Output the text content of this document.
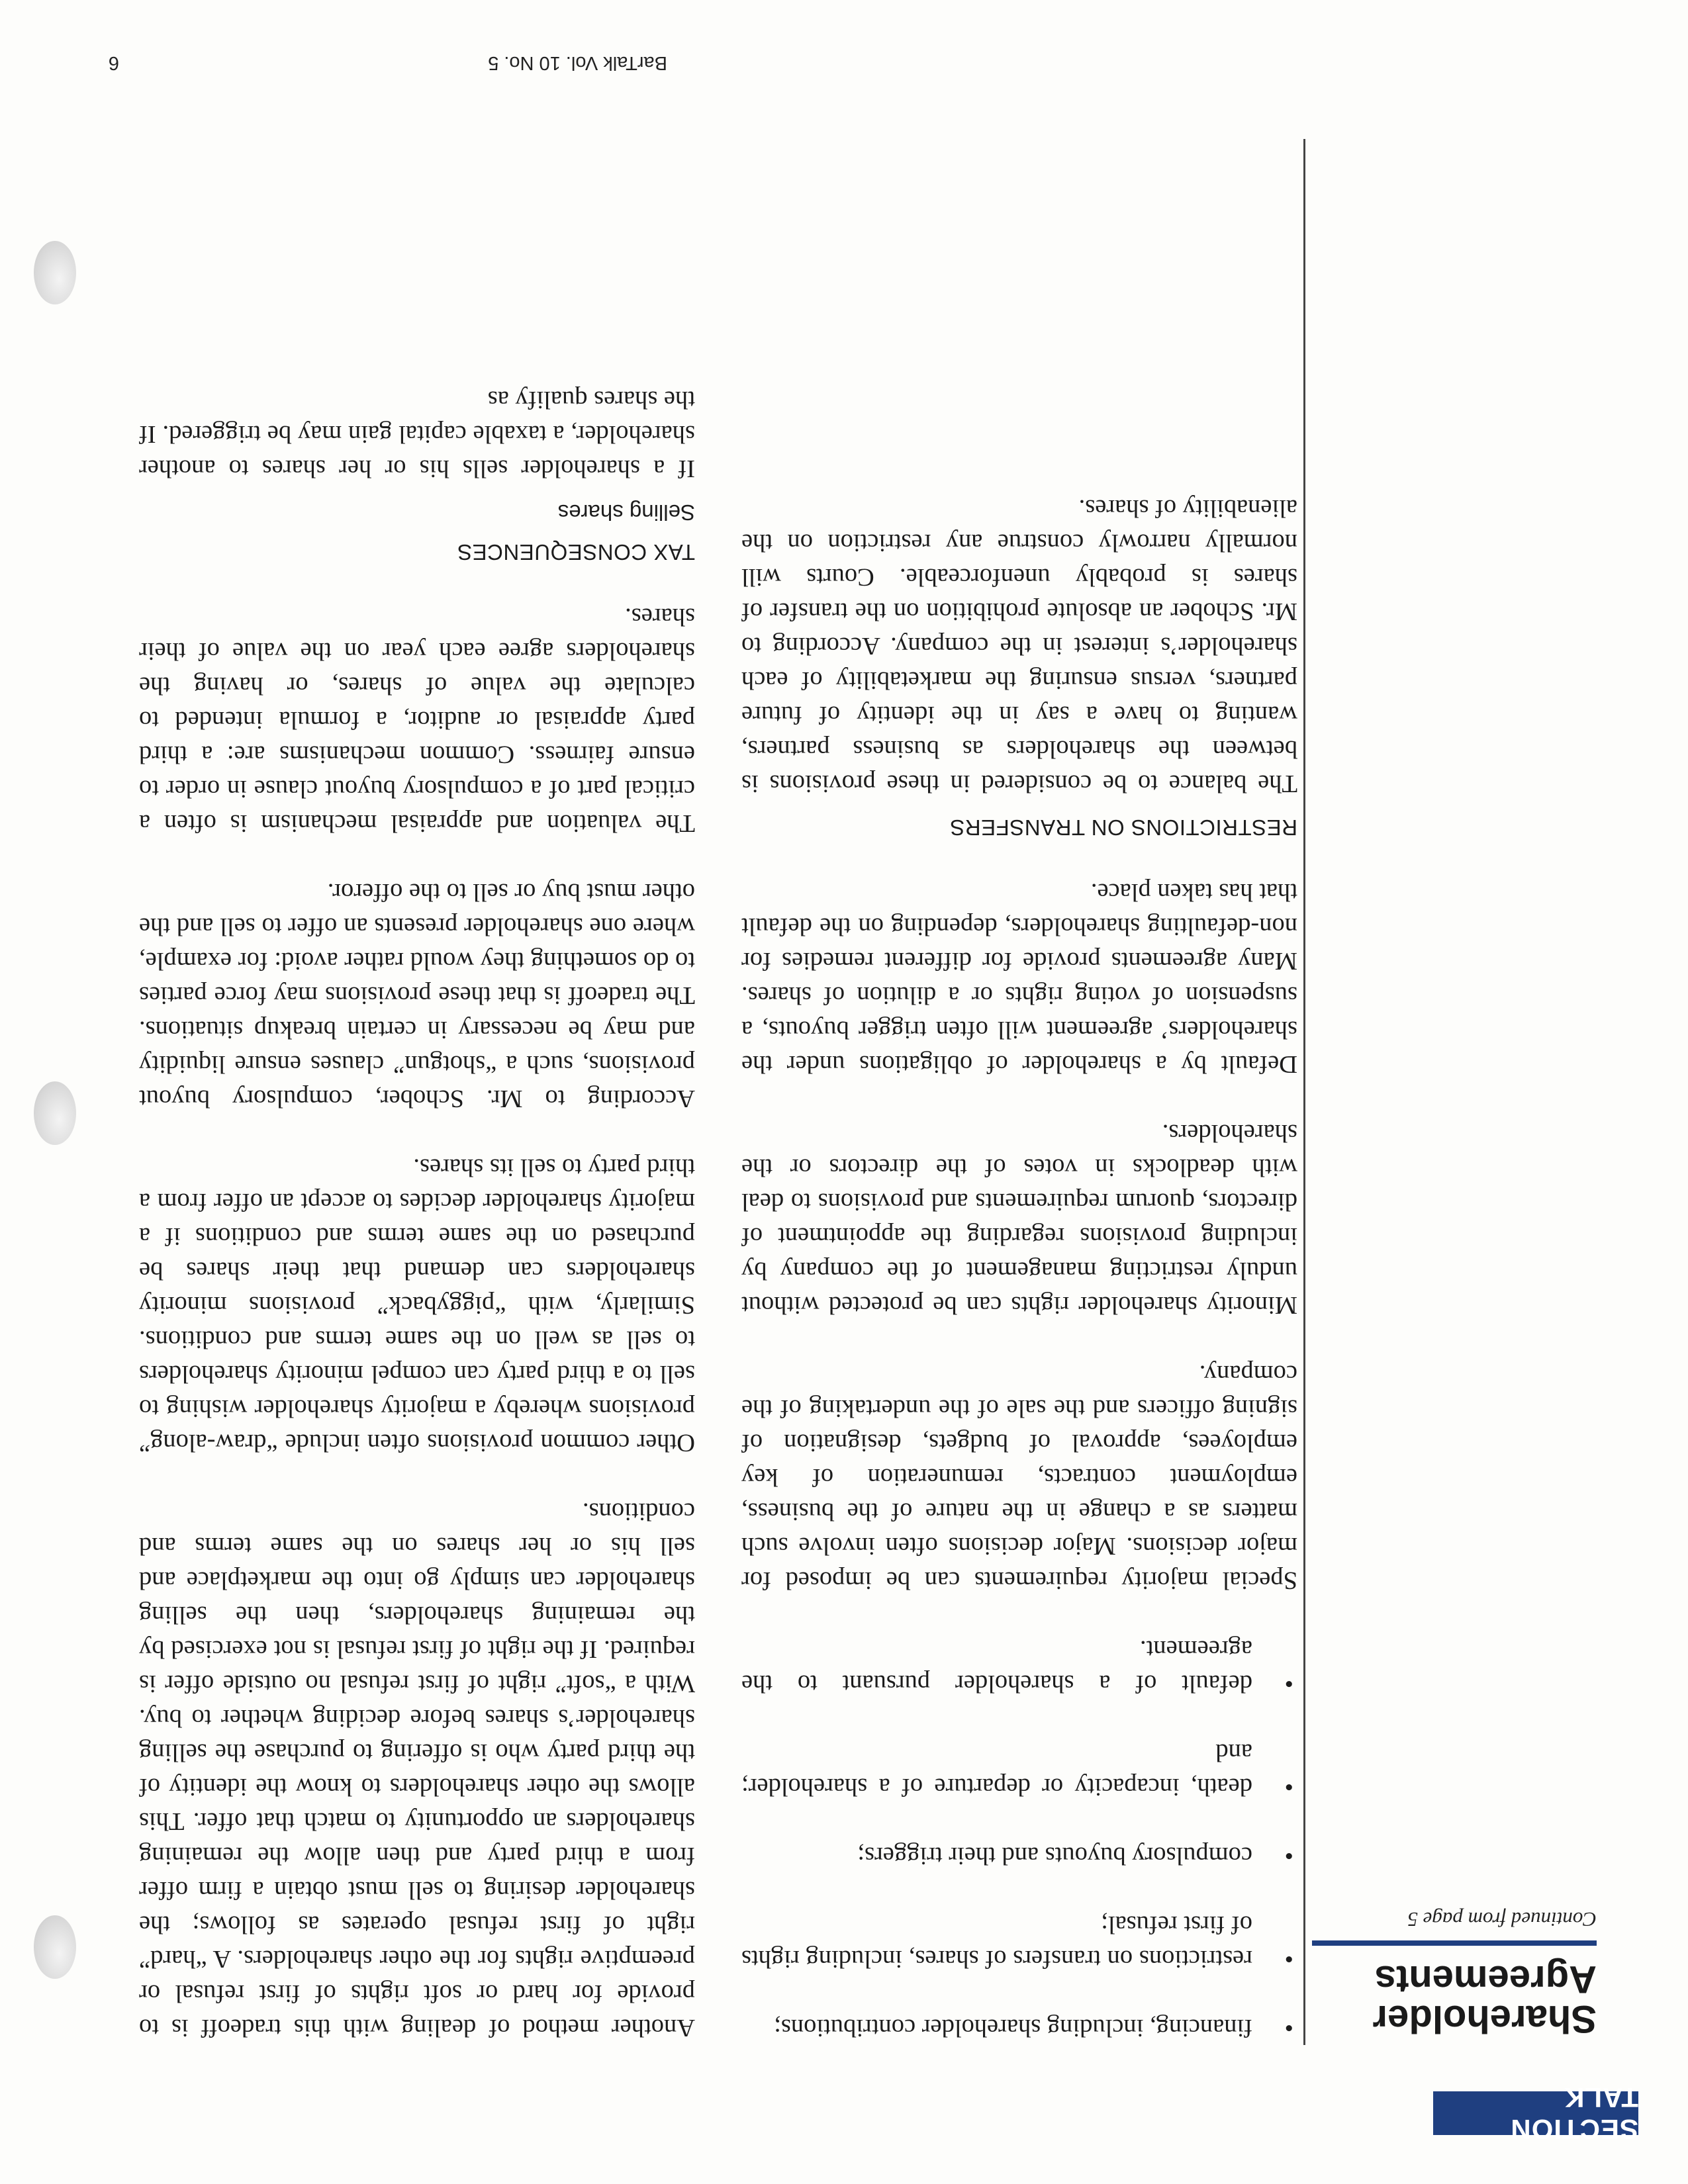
SECTION TALK
Shareholder
Agreements
Continued from page 5
• financing, including shareholder contributions;
• restrictions on transfers of shares, including rights of first refusal;
• compulsory buyouts and their triggers;
• death, incapacity or departure of a shareholder; and
• default of a shareholder pursuant to the agreement.

Special majority requirements can be imposed for major decisions. Major decisions often involve such matters as a change in the nature of the business, employment contracts, remuneration of key employees, approval of budgets, designation of signing officers and the sale of the undertaking of the company.

Minority shareholder rights can be protected without unduly restricting management of the company by including provisions regarding the appointment of directors, quorum requirements and provisions to deal with deadlocks in votes of the directors or the shareholders.

Default by a shareholder of obligations under the shareholders’ agreement will often trigger buyouts, a suspension of voting rights or a dilution of shares. Many agreements provide for different remedies for non-defaulting shareholders, depending on the default that has taken place.

RESTRICTIONS ON TRANSFERS

The balance to be considered in these provisions is between the shareholders as business partners, wanting to have a say in the identity of future partners, versus ensuring the marketability of each shareholder’s interest in the company. According to Mr. Schober an absolute prohibition on the transfer of shares is probably unenforceable. Courts will normally narrowly construe any restriction on the alienability of shares.

Another method of dealing with this tradeoff is to provide for hard or soft rights of first refusal or preemptive rights for the other shareholders. A “hard” right of first refusal operates as follows; the shareholder desiring to sell must obtain a firm offer from a third party and then allow the remaining shareholders an opportunity to match that offer. This allows the other shareholders to know the identity of the third party who is offering to purchase the selling shareholder’s shares before deciding whether to buy. With a “soft” right of first refusal no outside offer is required. If the right of first refusal is not exercised by the remaining shareholders, then the selling shareholder can simply go into the marketplace and sell his or her shares on the same terms and conditions.

Other common provisions often include “draw-along” provisions whereby a majority shareholder wishing to sell to a third party can compel minority shareholders to sell as well on the same terms and conditions. Similarly, with “piggyback” provisions minority shareholders can demand that their shares be purchased on the same terms and conditions if a majority shareholder decides to accept an offer from a third party to sell its shares.

According to Mr. Schober, compulsory buyout provisions, such a “shotgun” clauses ensure liquidity and may be necessary in certain breakup situations. The tradeoff is that these provisions may force parties to do something they would rather avoid: for example, where one shareholder presents an offer to sell and the other must buy or sell to the offeror.

The valuation and appraisal mechanism is often a critical part of a compulsory buyout clause in order to ensure fairness. Common mechanisms are: a third party appraisal or auditor, a formula intended to calculate the value of shares, or having the shareholders agree each year on the value of their shares.

TAX CONSEQUENCES
Selling shares

If a shareholder sells his or her shares to another shareholder, a taxable capital gain may be triggered. If the shares qualify as

6	BarTalk Vol. 10 No. 5
